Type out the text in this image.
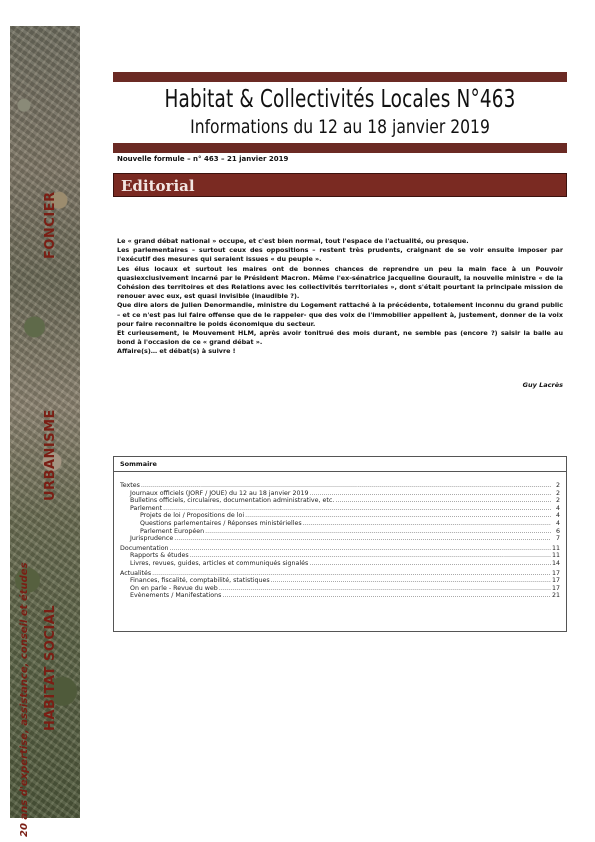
FONCIER
URBANISME
HABITAT SOCIAL
20 ans d'expertise, assistance, conseil et études
Habitat & Collectivités Locales N°463
Informations du 12 au 18 janvier 2019
Nouvelle formule – n° 463 – 21 janvier 2019
Editorial

Le « grand débat national » occupe, et c'est bien normal, tout l'espace de l'actualité, ou presque.

Les parlementaires – surtout ceux des oppositions – restent très prudents, craignant de se voir ensuite imposer par l'exécutif des mesures qui seraient issues « du peuple ».

Les élus locaux et surtout les maires ont de bonnes chances de reprendre un peu la main face à un Pouvoir quasiexclusivement incarné par le Président Macron. Même l'ex-sénatrice Jacqueline Gourault, la nouvelle ministre « de la Cohésion des territoires et des Relations avec les collectivités territoriales », dont s'était pourtant la principale mission de renouer avec eux, est quasi invisible (inaudible ?).

Que dire alors de Julien Denormandie, ministre du Logement rattaché à la précédente, totalement inconnu du grand public – et ce n'est pas lui faire offense que de le rappeler- que des voix de l'immobilier appellent à, justement, donner de la voix pour faire reconnaitre le poids économique du secteur.

Et curieusement, le Mouvement HLM, après avoir tonitrué des mois durant, ne semble pas (encore ?) saisir la balle au bond à l'occasion de ce « grand débat ».

Affaire(s)… et débat(s) à suivre !

Guy Lacrès
Sommaire
Textes .....	2
Journaux officiels (JORF / JOUE) du 12 au 18 janvier 2019 .....	2
Bulletins officiels, circulaires, documentation administrative, etc. .....	2
Parlement .....	4
Projets de loi / Propositions de loi .....	4
Questions parlementaires / Réponses ministérielles .....	4
Parlement Européen .....	6
Jurisprudence .....	7
Documentation .....	11
Rapports & études .....	11
Livres, revues, guides, articles et communiqués signalés .....	14
Actualités .....	17
Finances, fiscalité, comptabilité, statistiques .....	17
On en parle - Revue du web .....	17
Evènements / Manifestations .....	21
